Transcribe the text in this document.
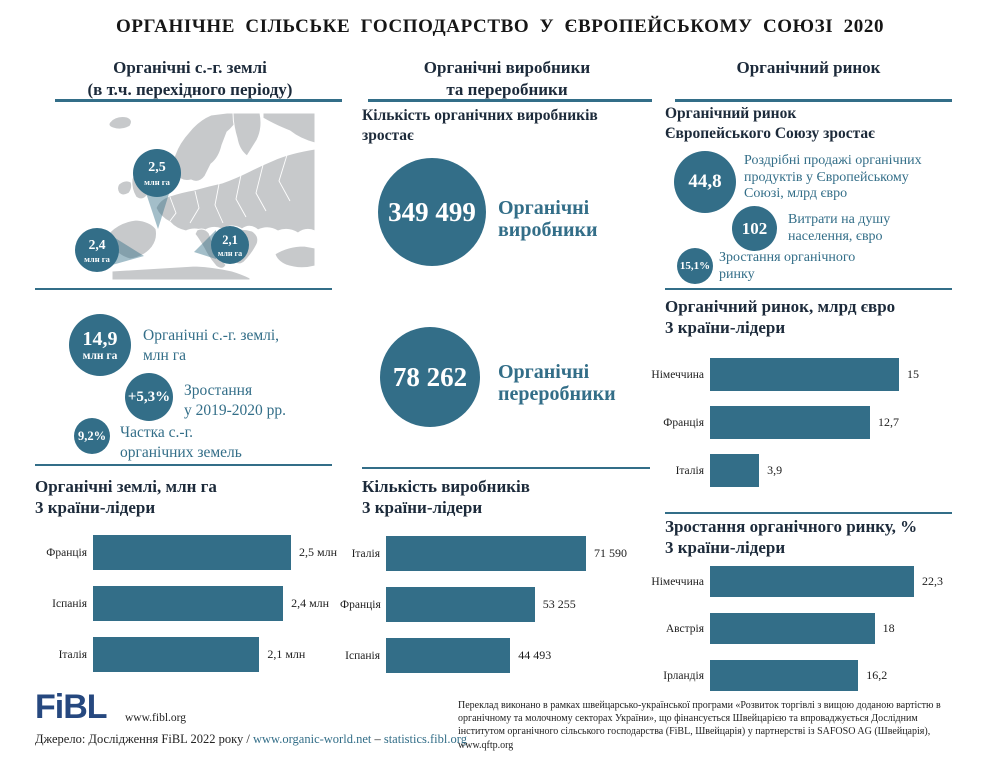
ОРГАНІЧНЕ СІЛЬСЬКЕ ГОСПОДАРСТВО У ЄВРОПЕЙСЬКОМУ СОЮЗІ 2020
Органічні с.-г. землі
(в т.ч. перехідного періоду)
Органічні виробники
та переробники
Органічний ринок
2,5
млн га
2,4
млн га
2,1
млн га
14,9
млн га
Органічні с.-г. землі,
млн га
+5,3% Зростання
у 2019-2020 рр.
9,2% Частка с.-г.
органічних земель
Органічні землі, млн га
3 країни-лідери
Франція	2,5 млн
Іспанія	2,4 млн
Італія	2,1 млн
Кількість органічних виробників
зростає
349 499 Органічні
виробники
78 262 Органічні
переробники
Кількість виробників
3 країни-лідери
Італія	71 590
Франція	53 255
Іспанія	44 493
Органічний ринок
Європейського Союзу зростає
44,8
Роздрібні продажі органічних
продуктів у Європейському
Союзі, млрд євро
102 Витрати на душу
населення, євро
15,1%
Зростання органічного
ринку
Органічний ринок, млрд євро
3 країни-лідери
Німеччина	15
Франція	12,7
Італія	3,9
Зростання органічного ринку, %
3 країни-лідери
Німеччина	22,3
Австрія	18
Ірландія	16,2
FiBL www.fibl.org
Джерело: Дослідження FiBL 2022 року / www.organic-world.net – statistics.fibl.org
Переклад виконано в рамках швейцарсько-української програми «Розвиток торгівлі з вищою доданою вартістю в органічному та молочному секторах України», що фінансується Швейцарією та впроваджується Дослідним інститутом органічного сільського господарства (FiBL, Швейцарія) у партнерстві із SAFOSO AG (Швейцарія), www.qftp.org
